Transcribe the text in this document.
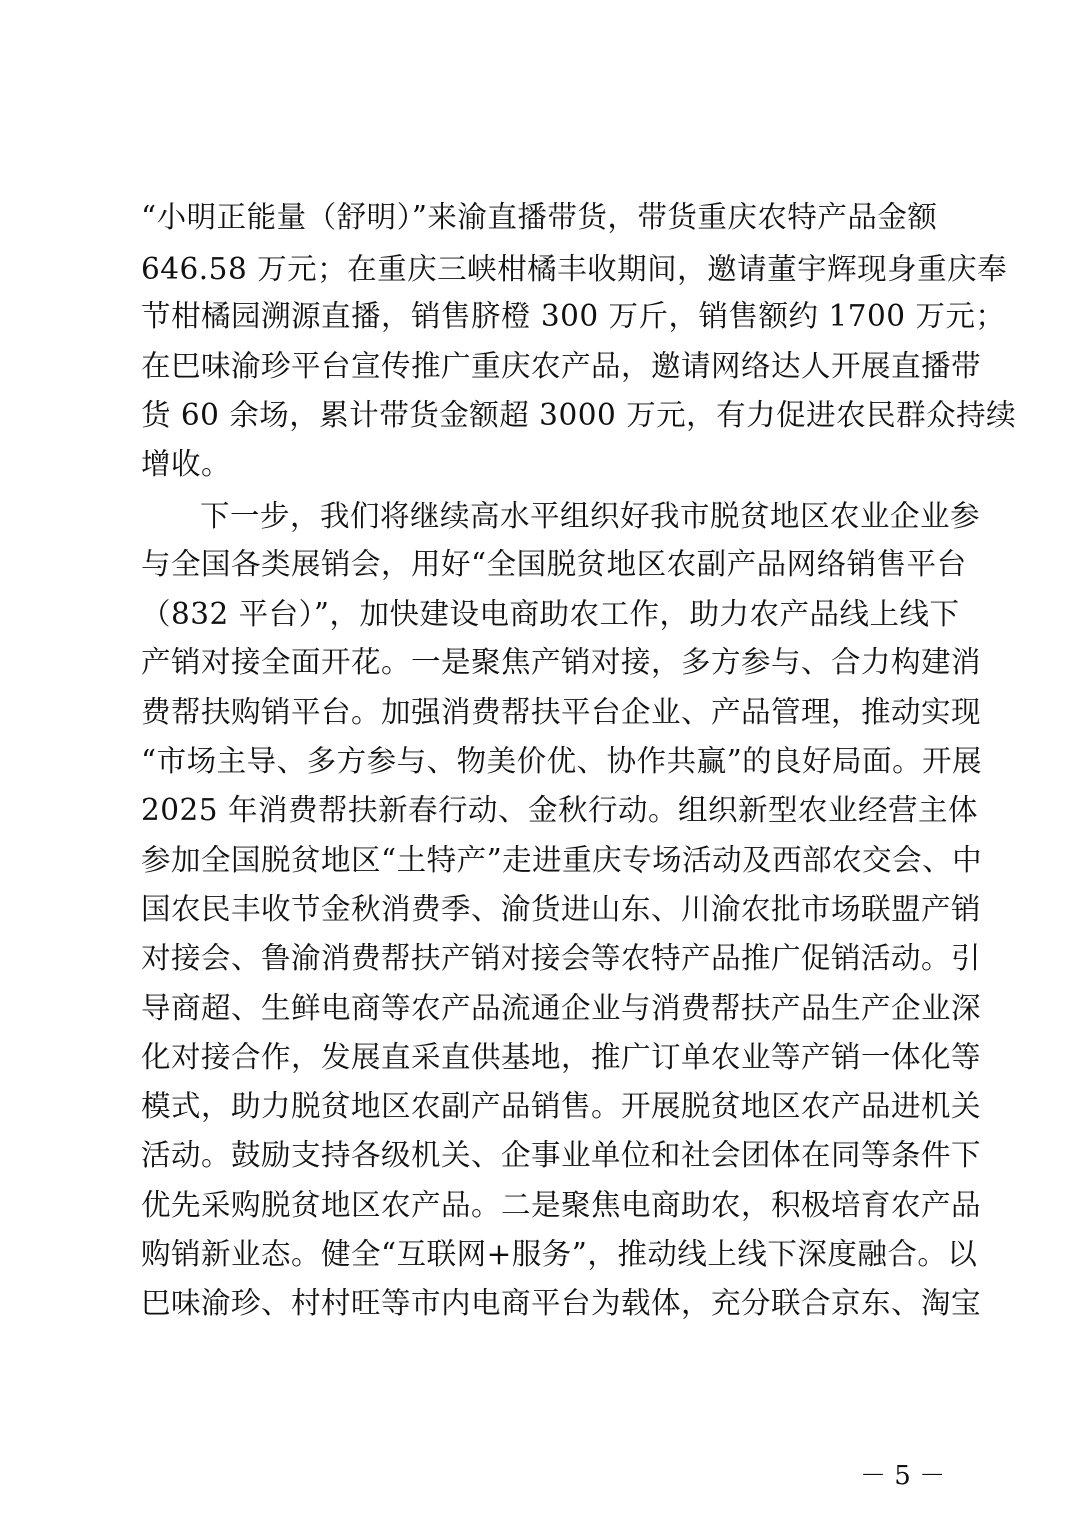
“小明正能量（舒明）”来渝直播带货，带货重庆农特产品金额
646.58 万元；在重庆三峡柑橘丰收期间，邀请董宇辉现身重庆奉
节柑橘园溯源直播，销售脐橙 300 万斤，销售额约 1700 万元；
在巴味渝珍平台宣传推广重庆农产品，邀请网络达人开展直播带
货 60 余场，累计带货金额超 3000 万元，有力促进农民群众持续
增收。
下一步，我们将继续高水平组织好我市脱贫地区农业企业参
与全国各类展销会，用好“全国脱贫地区农副产品网络销售平台
（832 平台）”，加快建设电商助农工作，助力农产品线上线下
产销对接全面开花。一是聚焦产销对接，多方参与、合力构建消
费帮扶购销平台。加强消费帮扶平台企业、产品管理，推动实现
“市场主导、多方参与、物美价优、协作共赢”的良好局面。开展
2025 年消费帮扶新春行动、金秋行动。组织新型农业经营主体
参加全国脱贫地区“土特产”走进重庆专场活动及西部农交会、中
国农民丰收节金秋消费季、渝货进山东、川渝农批市场联盟产销
对接会、鲁渝消费帮扶产销对接会等农特产品推广促销活动。引
导商超、生鲜电商等农产品流通企业与消费帮扶产品生产企业深
化对接合作，发展直采直供基地，推广订单农业等产销一体化等
模式，助力脱贫地区农副产品销售。开展脱贫地区农产品进机关
活动。鼓励支持各级机关、企事业单位和社会团体在同等条件下
优先采购脱贫地区农产品。二是聚焦电商助农，积极培育农产品
购销新业态。健全“互联网+服务”，推动线上线下深度融合。以
巴味渝珍、村村旺等市内电商平台为载体，充分联合京东、淘宝
－ 5 －
